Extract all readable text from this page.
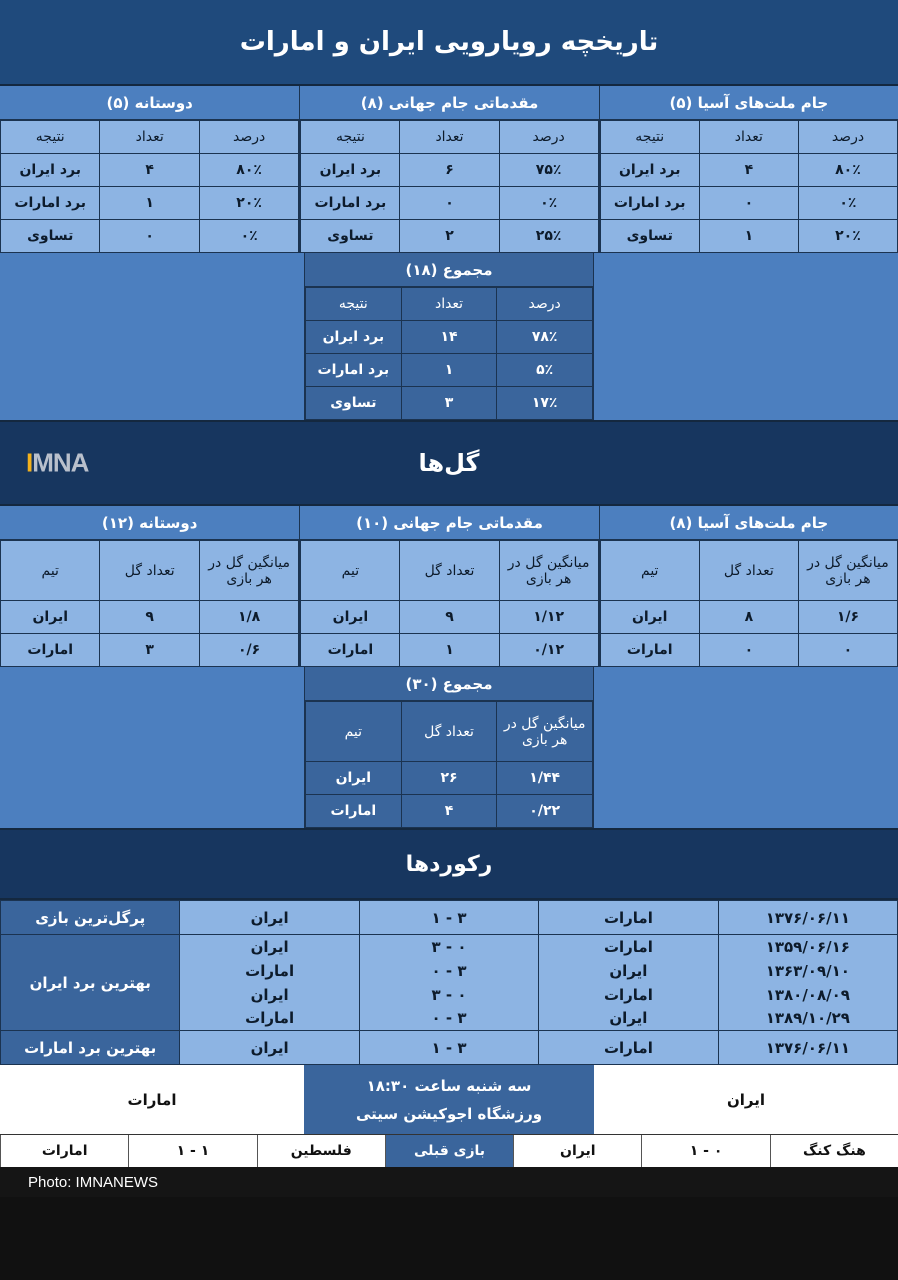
تاریخچه رویارویی ایران و امارات
جام ملت‌های آسیا (۵)
درصد	تعداد	نتیجه
۸۰٪	۴	برد ایران
۰٪	۰	برد امارات
۲۰٪	۱	تساوی
مقدماتی جام جهانی (۸)
درصد	تعداد	نتیجه
۷۵٪	۶	برد ایران
۰٪	۰	برد امارات
۲۵٪	۲	تساوی
دوستانه (۵)
درصد	تعداد	نتیجه
۸۰٪	۴	برد ایران
۲۰٪	۱	برد امارات
۰٪	۰	تساوی
مجموع (۱۸)
درصد	تعداد	نتیجه
۷۸٪	۱۴	برد ایران
۵٪	۱	برد امارات
۱۷٪	۳	تساوی
IMNA	گل‌ها
جام ملت‌های آسیا (۸)
میانگین گل در هر بازی	تعداد گل	تیم
۱/۶	۸	ایران
۰	۰	امارات
مقدماتی جام جهانی (۱۰)
میانگین گل در هر بازی	تعداد گل	تیم
۱/۱۲	۹	ایران
۰/۱۲	۱	امارات
دوستانه (۱۲)
میانگین گل در هر بازی	تعداد گل	تیم
۱/۸	۹	ایران
۰/۶	۳	امارات
مجموع (۳۰)
میانگین گل در هر بازی	تعداد گل	تیم
۱/۴۴	۲۶	ایران
۰/۲۲	۴	امارات
رکوردها
۱۳۷۶/۰۶/۱۱	امارات	۳ - ۱	ایران	پرگل‌ترین بازی
۱۳۵۹/۰۶/۱۶	امارات	۰ - ۳	ایران	بهترین برد ایران
۱۳۶۳/۰۹/۱۰	ایران	۳ - ۰	امارات	
۱۳۸۰/۰۸/۰۹	امارات	۰ - ۳	ایران	
۱۳۸۹/۱۰/۲۹	ایران	۳ - ۰	امارات	
۱۳۷۶/۰۶/۱۱	امارات	۳ - ۱	ایران	بهترین برد امارات
ایران
سه شنبه ساعت ۱۸:۳۰
ورزشگاه اجوکیشن سیتی
امارات
هنگ کنگ
۰ - ۱
ایران
بازی قبلی
فلسطین
۱ - ۱
امارات
Photo: IMNANEWS
